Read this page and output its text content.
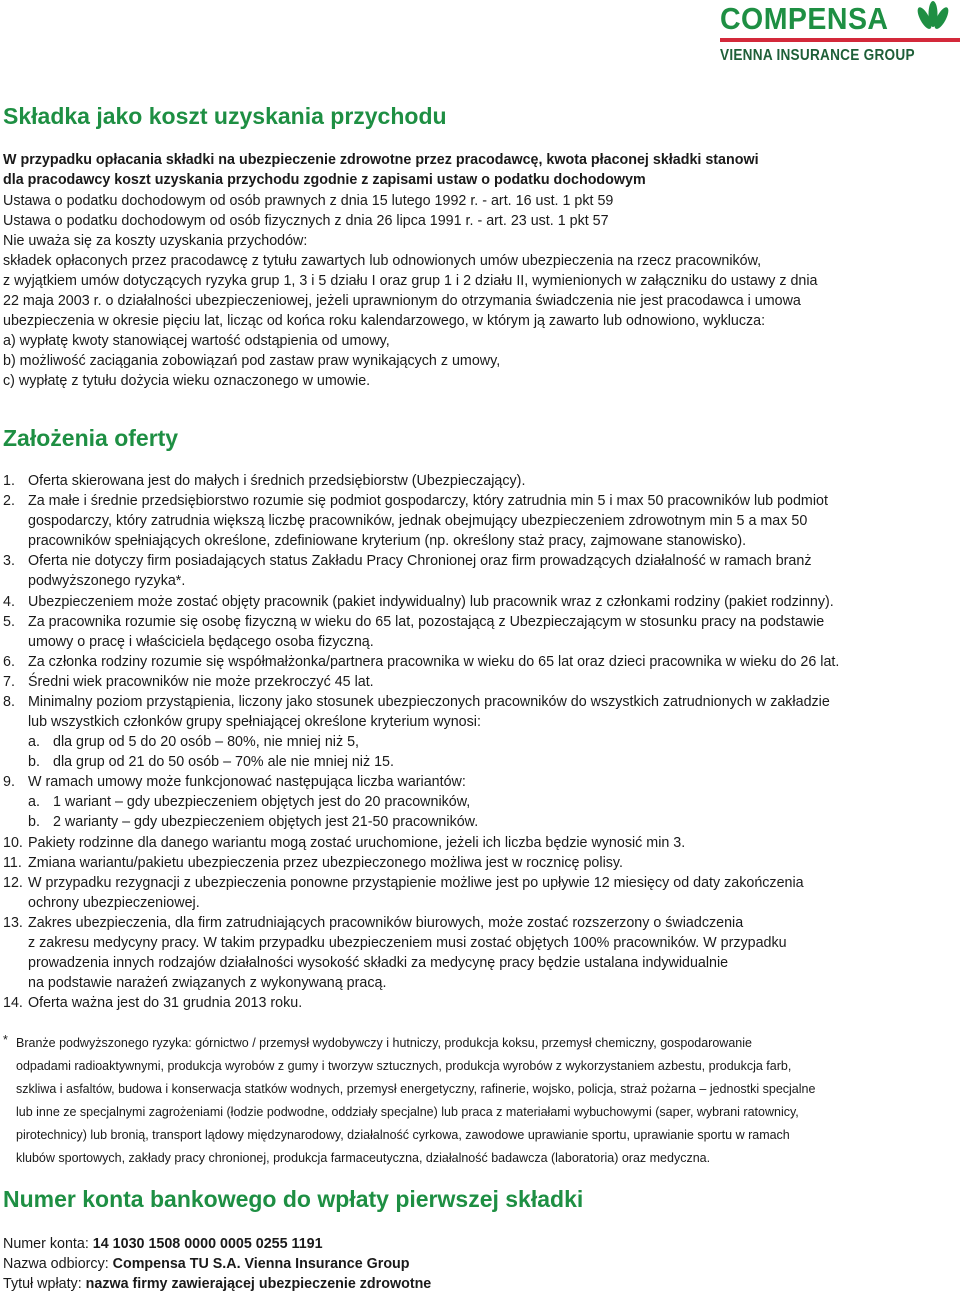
COMPENSA
VIENNA INSURANCE GROUP
Składka jako koszt uzyskania przychodu

W przypadku opłacania składki na ubezpieczenie zdrowotne przez pracodawcę, kwota płaconej składki stanowi

dla pracodawcy koszt uzyskania przychodu zgodnie z zapisami ustaw o podatku dochodowym

Ustawa o podatku dochodowym od osób prawnych z dnia 15 lutego 1992 r. - art. 16 ust. 1 pkt 59

Ustawa o podatku dochodowym od osób fizycznych z dnia 26 lipca 1991 r. - art. 23 ust. 1 pkt 57

Nie uważa się za koszty uzyskania przychodów:

składek opłaconych przez pracodawcę z tytułu zawartych lub odnowionych umów ubezpieczenia na rzecz pracowników,

z wyjątkiem umów dotyczących ryzyka grup 1, 3 i 5 działu I oraz grup 1 i 2 działu II, wymienionych w załączniku do ustawy z dnia

22 maja 2003 r. o działalności ubezpieczeniowej, jeżeli uprawnionym do otrzymania świadczenia nie jest pracodawca i umowa

ubezpieczenia w okresie pięciu lat, licząc od końca roku kalendarzowego, w którym ją zawarto lub odnowiono, wyklucza:

a) wypłatę kwoty stanowiącej wartość odstąpienia od umowy,

b) możliwość zaciągania zobowiązań pod zastaw praw wynikających z umowy,

c) wypłatę z tytułu dożycia wieku oznaczonego w umowie.

Założenia oferty
1. Oferta skierowana jest do małych i średnich przedsiębiorstw (Ubezpieczający).

2. Za małe i średnie przedsiębiorstwo rozumie się podmiot gospodarczy, który zatrudnia min 5 i max 50 pracowników lub podmiot

gospodarczy, który zatrudnia większą liczbę pracowników, jednak obejmujący ubezpieczeniem zdrowotnym min 5 a max 50

pracowników spełniających określone, zdefiniowane kryterium (np. określony staż pracy, zajmowane stanowisko).

3. Oferta nie dotyczy firm posiadających status Zakładu Pracy Chronionej oraz firm prowadzących działalność w ramach branż

podwyższonego ryzyka*.

4. Ubezpieczeniem może zostać objęty pracownik (pakiet indywidualny) lub pracownik wraz z członkami rodziny (pakiet rodzinny).

5. Za pracownika rozumie się osobę fizyczną w wieku do 65 lat, pozostającą z Ubezpieczającym w stosunku pracy na podstawie

umowy o pracę i właściciela będącego osoba fizyczną.

6. Za członka rodziny rozumie się współmałżonka/partnera pracownika w wieku do 65 lat oraz dzieci pracownika w wieku do 26 lat.

7. Średni wiek pracowników nie może przekroczyć 45 lat.

8. Minimalny poziom przystąpienia, liczony jako stosunek ubezpieczonych pracowników do wszystkich zatrudnionych w zakładzie

lub wszystkich członków grupy spełniającej określone kryterium wynosi:

a. dla grup od 5 do 20 osób – 80%, nie mniej niż 5,

b. dla grup od 21 do 50 osób – 70% ale nie mniej niż 15.

9. W ramach umowy może funkcjonować następująca liczba wariantów:

a. 1 wariant – gdy ubezpieczeniem objętych jest do 20 pracowników,

b. 2 warianty – gdy ubezpieczeniem objętych jest 21-50 pracowników.

10. Pakiety rodzinne dla danego wariantu mogą zostać uruchomione, jeżeli ich liczba będzie wynosić min 3.

11. Zmiana wariantu/pakietu ubezpieczenia przez ubezpieczonego możliwa jest w rocznicę polisy.

12. W przypadku rezygnacji z ubezpieczenia ponowne przystąpienie możliwe jest po upływie 12 miesięcy od daty zakończenia

ochrony ubezpieczeniowej.

13. Zakres ubezpieczenia, dla firm zatrudniających pracowników biurowych, może zostać rozszerzony o świadczenia

z zakresu medycyny pracy. W takim przypadku ubezpieczeniem musi zostać objętych 100% pracowników. W przypadku

prowadzenia innych rodzajów działalności wysokość składki za medycynę pracy będzie ustalana indywidualnie

na podstawie narażeń związanych z wykonywaną pracą.

14. Oferta ważna jest do 31 grudnia 2013 roku.

* Branże podwyższonego ryzyka: górnictwo / przemysł wydobywczy i hutniczy, produkcja koksu, przemysł chemiczny, gospodarowanie

odpadami radioaktywnymi, produkcja wyrobów z gumy i tworzyw sztucznych, produkcja wyrobów z wykorzystaniem azbestu, produkcja farb,

szkliwa i asfaltów, budowa i konserwacja statków wodnych, przemysł energetyczny, rafinerie, wojsko, policja, straż pożarna – jednostki specjalne

lub inne ze specjalnymi zagrożeniami (łodzie podwodne, oddziały specjalne) lub praca z materiałami wybuchowymi (saper, wybrani ratownicy,

pirotechnicy) lub bronią, transport lądowy międzynarodowy, działalność cyrkowa, zawodowe uprawianie sportu, uprawianie sportu w ramach

klubów sportowych, zakłady pracy chronionej, produkcja farmaceutyczna, działalność badawcza (laboratoria) oraz medyczna.

Numer konta bankowego do wpłaty pierwszej składki

Numer konta: 14 1030 1508 0000 0005 0255 1191

Nazwa odbiorcy: Compensa TU S.A. Vienna Insurance Group

Tytuł wpłaty: nazwa firmy zawierającej ubezpieczenie zdrowotne
